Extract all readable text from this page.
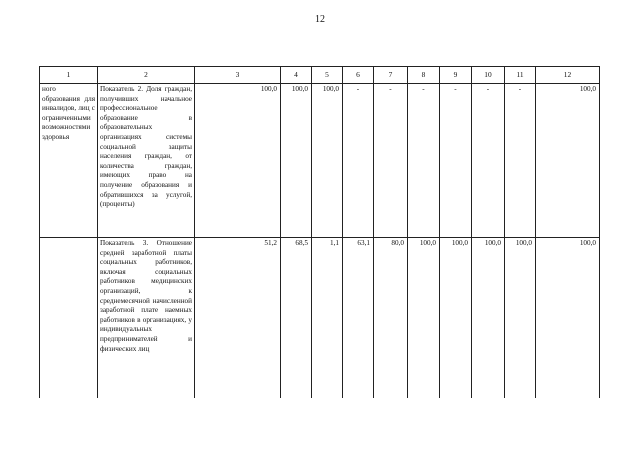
12
1	2	3	4	5	6	7	8	9	10	11	12
ного образования для инвалидов, лиц с ограниченными возможностями здоровья	Показатель 2. Доля граждан, получивших начальное профессиональное образование в образовательных организациях системы социальной защиты населения граждан, от количества граждан, имеющих право на получение образования и обратившихся за услугой, (проценты)	100,0	100,0	100,0	-	-	-	-	-	-	100,0
	Показатель 3. Отношение средней заработной платы социальных работников, включая социальных работников медицинских организаций, к среднемесячной начисленной заработной плате наемных работников в организациях, у индивидуальных предпринимателей и физических лиц	51,2	68,5	1,1	63,1	80,0	100,0	100,0	100,0	100,0	100,0
